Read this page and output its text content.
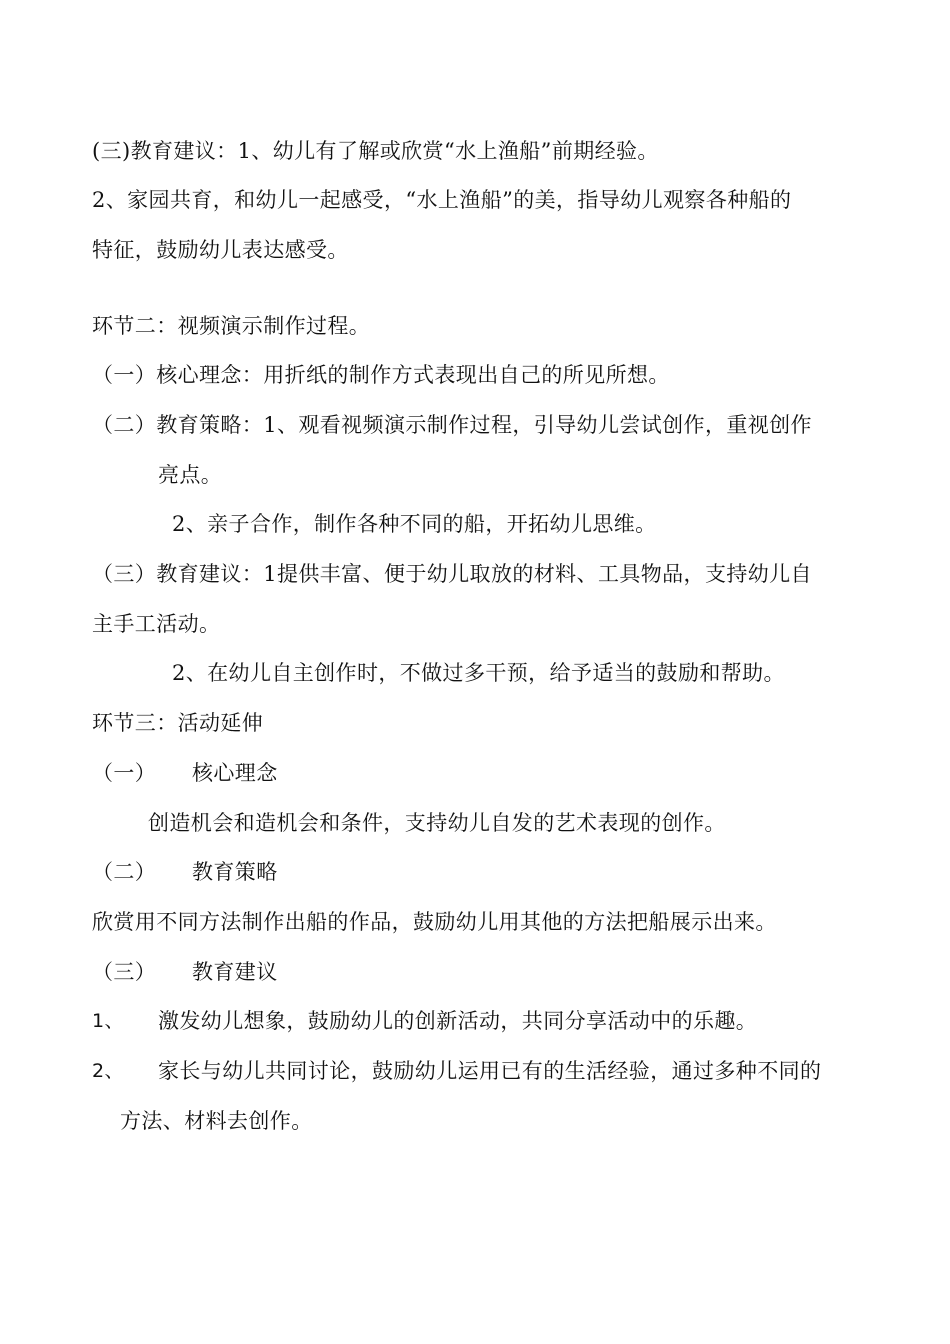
(三)教育建议：1、幼儿有了解或欣赏“水上渔船”前期经验。
2、家园共育，和幼儿一起感受，“水上渔船”的美，指导幼儿观察各种船的
特征，鼓励幼儿表达感受。
环节二：视频演示制作过程。
（一）核心理念：用折纸的制作方式表现出自己的所见所想。
（二）教育策略：1、观看视频演示制作过程，引导幼儿尝试创作，重视创作
亮点。
2、亲子合作，制作各种不同的船，开拓幼儿思维。
（三）教育建议：1提供丰富、便于幼儿取放的材料、工具物品，支持幼儿自
主手工活动。
2、在幼儿自主创作时，不做过多干预，给予适当的鼓励和帮助。
环节三：活动延伸
（一） 核心理念
创造机会和造机会和条件，支持幼儿自发的艺术表现的创作。
（二） 教育策略
欣赏用不同方法制作出船的作品，鼓励幼儿用其他的方法把船展示出来。
（三） 教育建议
1、 激发幼儿想象，鼓励幼儿的创新活动，共同分享活动中的乐趣。
2、 家长与幼儿共同讨论，鼓励幼儿运用已有的生活经验，通过多种不同的
方法、材料去创作。
